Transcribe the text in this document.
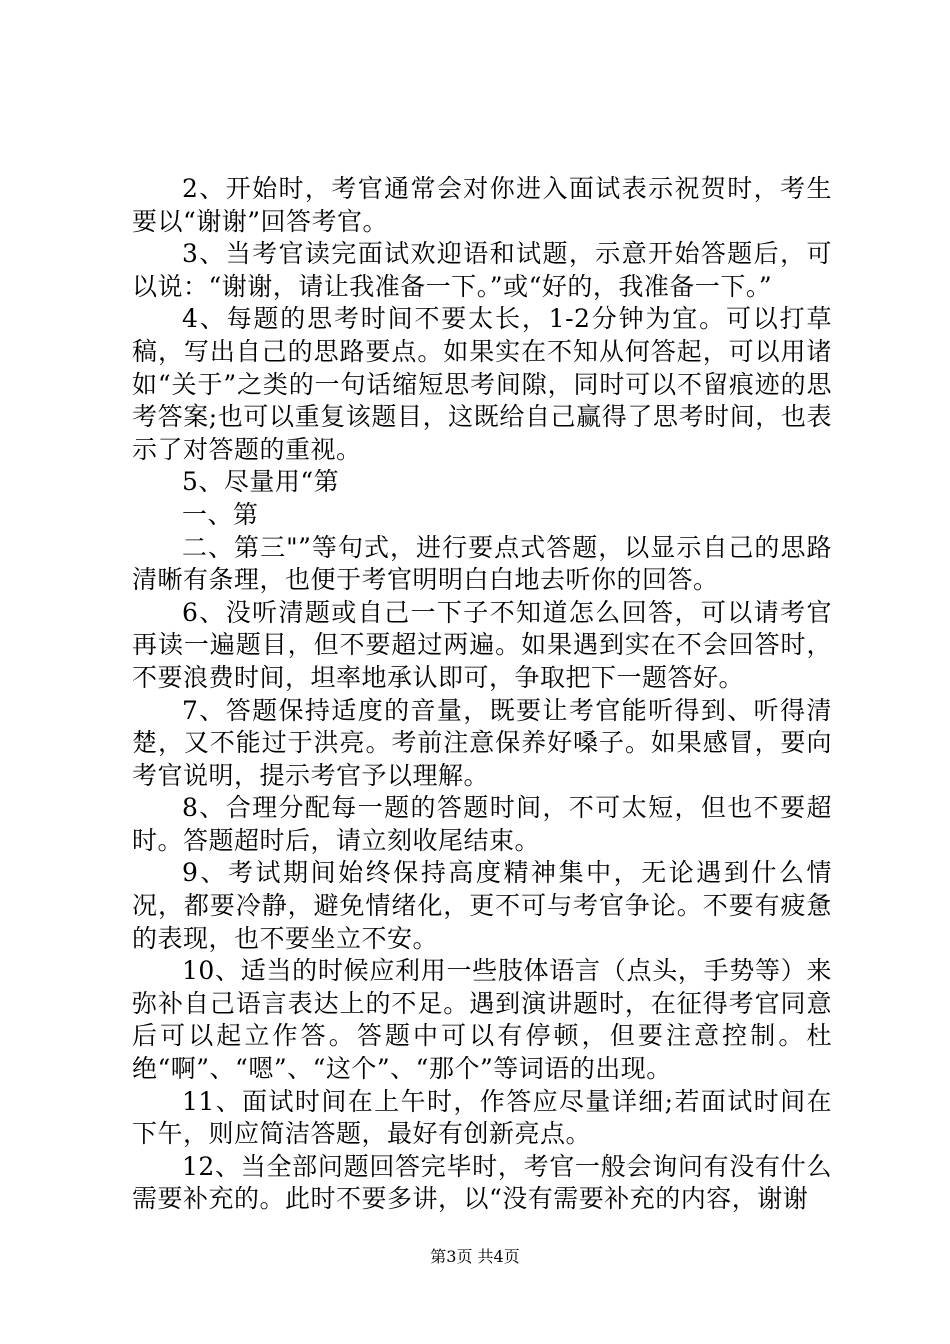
2、开始时，考官通常会对你进入面试表示祝贺时，考生要以“谢谢”回答考官。

3、当考官读完面试欢迎语和试题，示意开始答题后，可以说：“谢谢，请让我准备一下。”或“好的，我准备一下。”

4、每题的思考时间不要太长，1-2分钟为宜。可以打草稿，写出自己的思路要点。如果实在不知从何答起，可以用诸如“关于”之类的一句话缩短思考间隙，同时可以不留痕迹的思考答案;也可以重复该题目，这既给自己赢得了思考时间，也表示了对答题的重视。

5、尽量用“第

一、第

二、第三"”等句式，进行要点式答题，以显示自己的思路清晰有条理，也便于考官明明白白地去听你的回答。

6、没听清题或自己一下子不知道怎么回答，可以请考官再读一遍题目，但不要超过两遍。如果遇到实在不会回答时，不要浪费时间，坦率地承认即可，争取把下一题答好。

7、答题保持适度的音量，既要让考官能听得到、听得清楚，又不能过于洪亮。考前注意保养好嗓子。如果感冒，要向考官说明，提示考官予以理解。

8、合理分配每一题的答题时间，不可太短，但也不要超时。答题超时后，请立刻收尾结束。

9、考试期间始终保持高度精神集中，无论遇到什么情况，都要冷静，避免情绪化，更不可与考官争论。不要有疲惫的表现，也不要坐立不安。

10、适当的时候应利用一些肢体语言（点头，手势等）来弥补自己语言表达上的不足。遇到演讲题时，在征得考官同意后可以起立作答。答题中可以有停顿，但要注意控制。杜绝“啊”、“嗯”、“这个”、“那个”等词语的出现。

11、面试时间在上午时，作答应尽量详细;若面试时间在下午，则应简洁答题，最好有创新亮点。

12、当全部问题回答完毕时，考官一般会询问有没有什么需要补充的。此时不要多讲，以“没有需要补充的内容，谢谢

第3页 共4页
